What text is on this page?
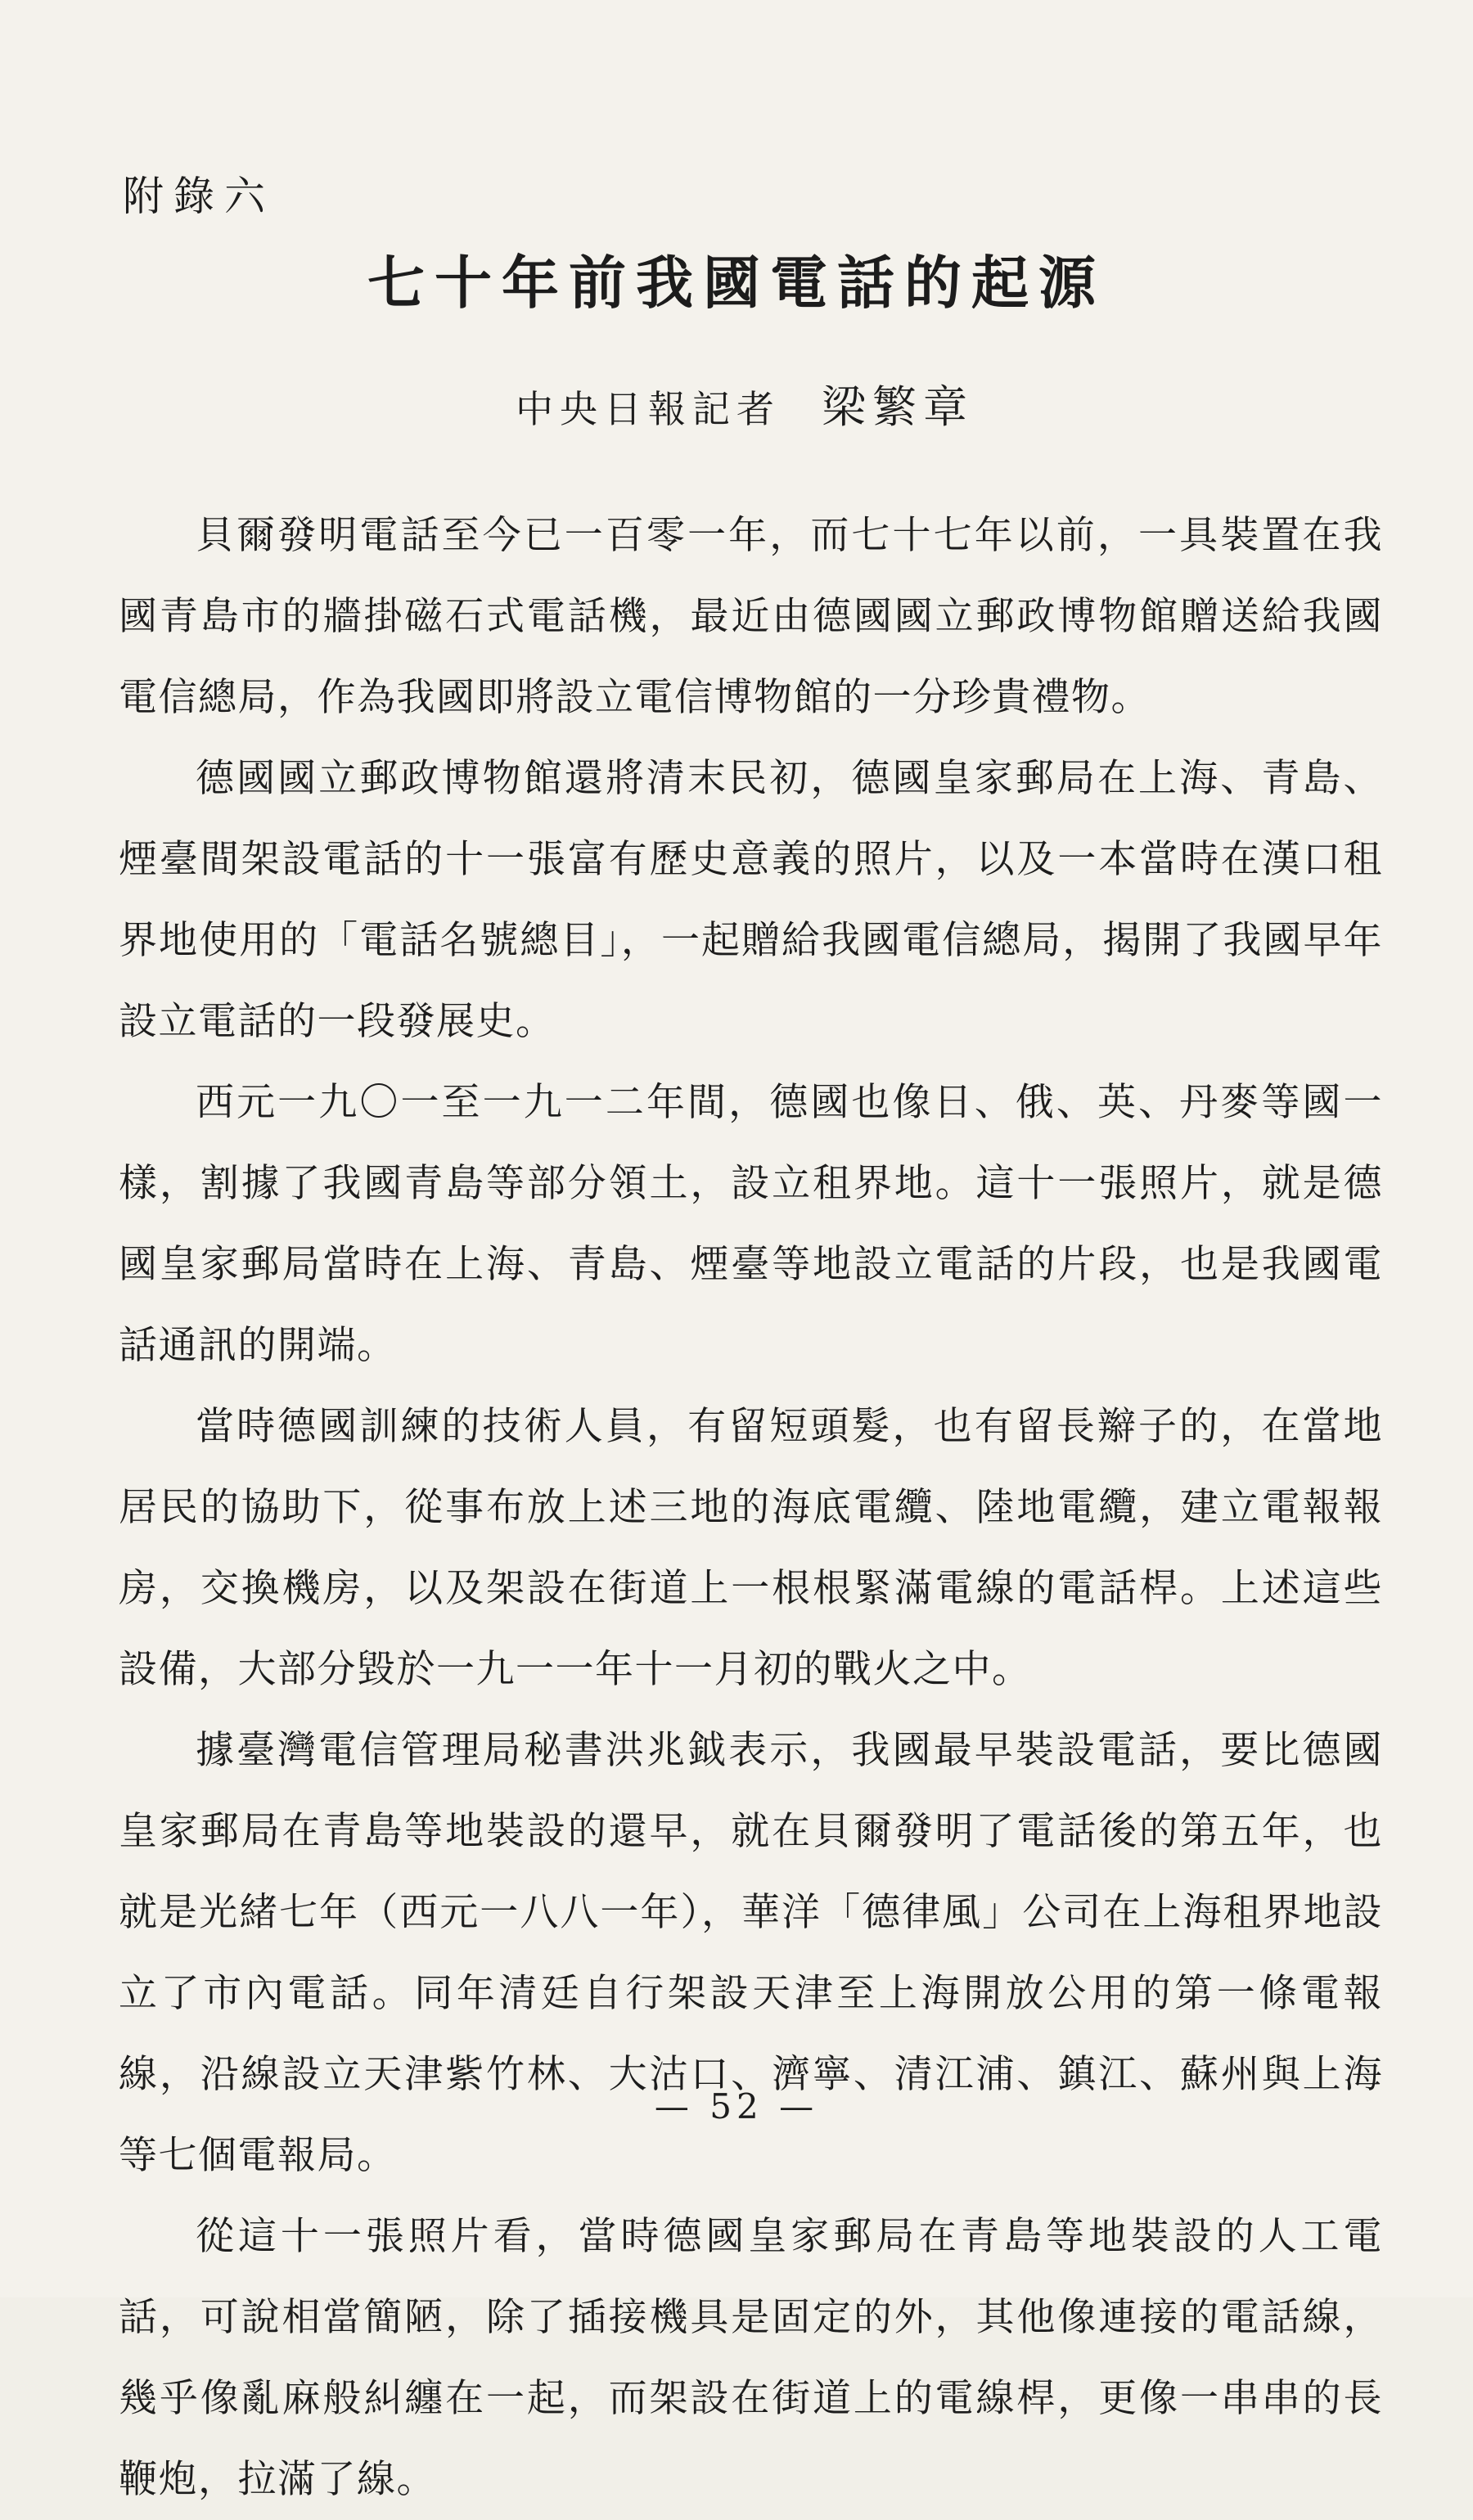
附錄六
七十年前我國電話的起源
中央日報記者 梁繁章

貝爾發明電話至今已一百零一年，而七十七年以前，一具裝置在我國青島市的牆掛磁石式電話機，最近由德國國立郵政博物館贈送給我國電信總局，作為我國即將設立電信博物館的一分珍貴禮物。

德國國立郵政博物館還將清末民初，德國皇家郵局在上海、青島、煙臺間架設電話的十一張富有歷史意義的照片，以及一本當時在漢口租界地使用的「電話名號總目」，一起贈給我國電信總局，揭開了我國早年設立電話的一段發展史。

西元一九〇一至一九一二年間，德國也像日、俄、英、丹麥等國一樣，割據了我國青島等部分領土，設立租界地。這十一張照片，就是德國皇家郵局當時在上海、青島、煙臺等地設立電話的片段，也是我國電話通訊的開端。

當時德國訓練的技術人員，有留短頭髮，也有留長辮子的，在當地居民的協助下，從事布放上述三地的海底電纜、陸地電纜，建立電報報房，交換機房，以及架設在街道上一根根緊滿電線的電話桿。上述這些設備，大部分毀於一九一一年十一月初的戰火之中。

據臺灣電信管理局秘書洪兆鉞表示，我國最早裝設電話，要比德國皇家郵局在青島等地裝設的還早，就在貝爾發明了電話後的第五年，也就是光緒七年（西元一八八一年），華洋「德律風」公司在上海租界地設立了市內電話。同年清廷自行架設天津至上海開放公用的第一條電報線，沿線設立天津紫竹林、大沽口、濟寧、清江浦、鎮江、蘇州與上海等七個電報局。

從這十一張照片看，當時德國皇家郵局在青島等地裝設的人工電話，可說相當簡陋，除了插接機具是固定的外，其他像連接的電話線，幾乎像亂麻般糾纏在一起，而架設在街道上的電線桿，更像一串串的長鞭炮，拉滿了線。

— 52 —
